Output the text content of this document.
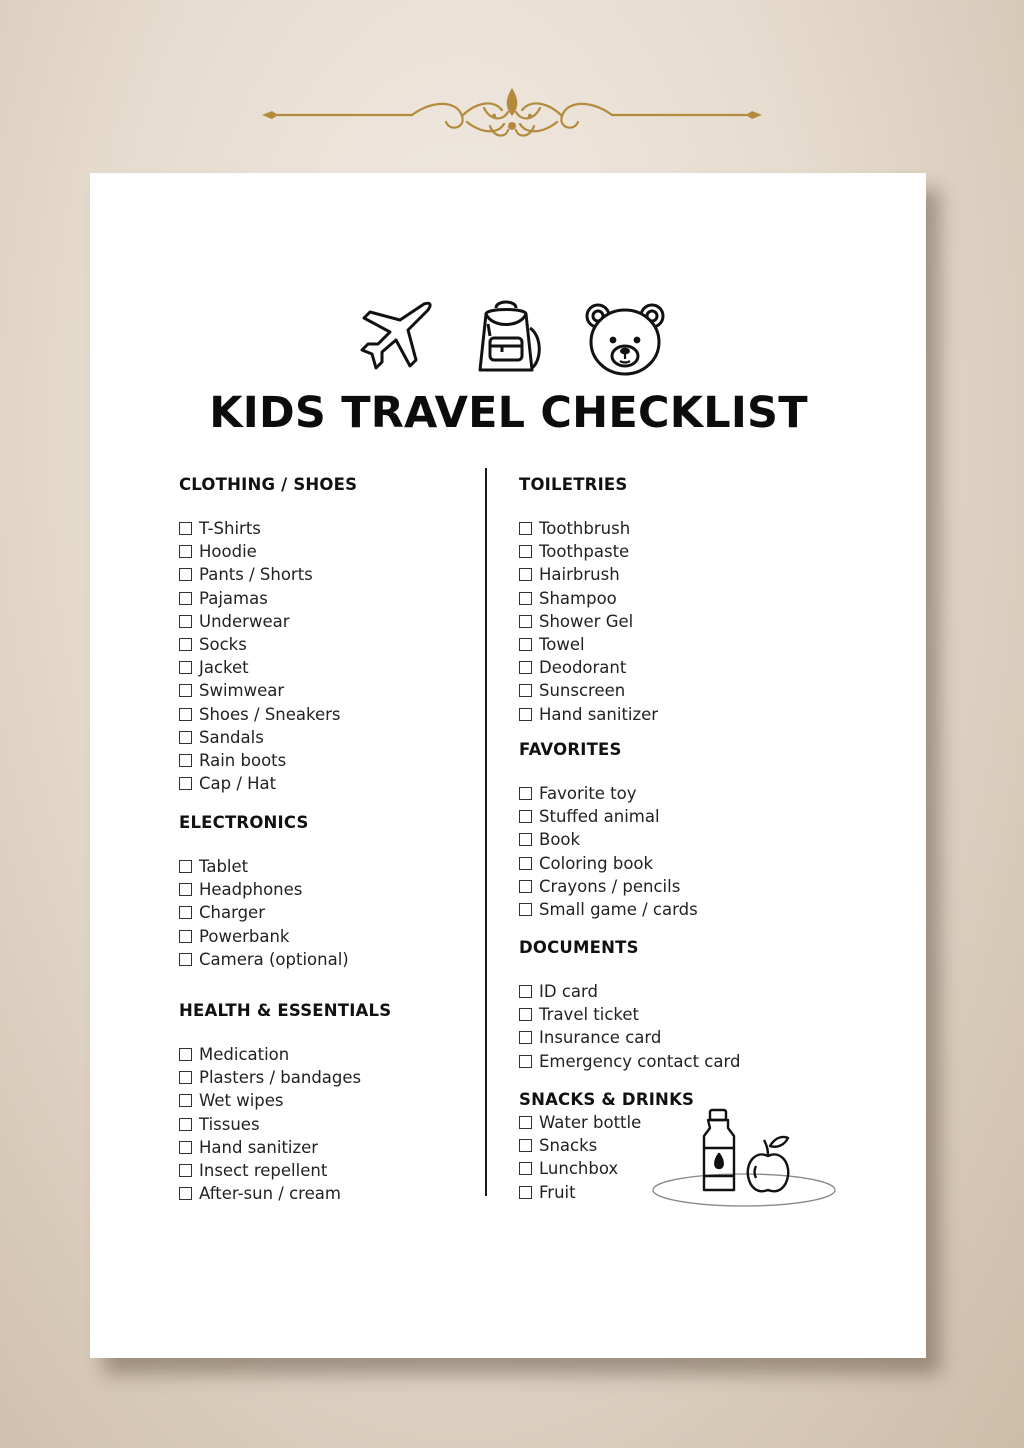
KIDS TRAVEL CHECKLIST
CLOTHING / SHOES
T-Shirts
Hoodie
Pants / Shorts
Pajamas
Underwear
Socks
Jacket
Swimwear
Shoes / Sneakers
Sandals
Rain boots
Cap / Hat
ELECTRONICS
Tablet
Headphones
Charger
Powerbank
Camera (optional)
HEALTH & ESSENTIALS
Medication
Plasters / bandages
Wet wipes
Tissues
Hand sanitizer
Insect repellent
After-sun / cream
TOILETRIES
Toothbrush
Toothpaste
Hairbrush
Shampoo
Shower Gel
Towel
Deodorant
Sunscreen
Hand sanitizer
FAVORITES
Favorite toy
Stuffed animal
Book
Coloring book
Crayons / pencils
Small game / cards
DOCUMENTS
ID card
Travel ticket
Insurance card
Emergency contact card
SNACKS & DRINKS
Water bottle
Snacks
Lunchbox
Fruit
